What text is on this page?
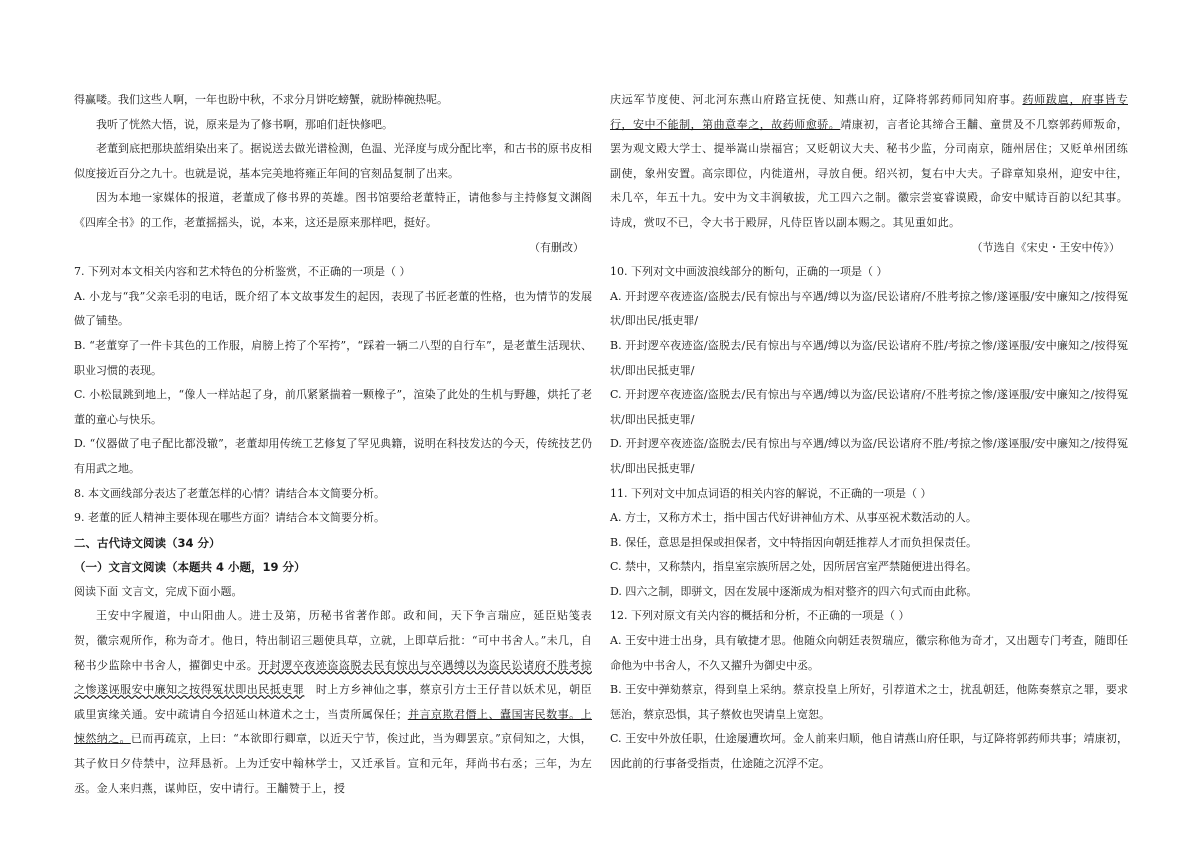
得赢喽。我们这些人啊，一年也盼中秋，不求分月饼吃螃蟹，就盼棒碗热呢。

我听了恍然大悟，说，原来是为了修书啊，那咱们赶快修吧。

老董到底把那块蓝绢染出来了。据说送去做光谱检测，色温、光泽度与成分配比率，和古书的原书皮相似度接近百分之九十。也就是说，基本完美地将雍正年间的官刻品复制了出来。

因为本地一家媒体的报道，老董成了修书界的英雄。图书馆要给老董特正，请他参与主持修复文渊阁《四库全书》的工作，老董摇摇头，说，本来，这还是原来那样吧，挺好。

（有删改）

7. 下列对本文相关内容和艺术特色的分析鉴赏，不正确的一项是（ ）

A. 小龙与“我”父亲毛羽的电话，既介绍了本文故事发生的起因，表现了书匠老董的性格，也为情节的发展做了铺垫。

B. “老董穿了一件卡其色的工作服，肩膀上挎了个军挎”，“踩着一辆二八型的自行车”，是老董生活现状、职业习惯的表现。

C. 小松鼠跳到地上，“像人一样站起了身，前爪紧紧揣着一颗橡子”，渲染了此处的生机与野趣，烘托了老董的童心与快乐。

D. “仪器做了电子配比都没辙”，老董却用传统工艺修复了罕见典籍，说明在科技发达的今天，传统技艺仍有用武之地。

8. 本文画线部分表达了老董怎样的心情？请结合本文简要分析。

9. 老董的匠人精神主要体现在哪些方面？请结合本文简要分析。

二、古代诗文阅读（34 分）

（一）文言文阅读（本题共 4 小题，19 分）

阅读下面 文言文，完成下面小题。

王安中字履道，中山阳曲人。进士及第，历秘书省著作郎。政和间，天下争言瑞应，延臣贴笺表贺，徽宗观所作，称为奇才。他日，特出制诏三题使具草，立就，上即草后批：“可中书舍人。”未几，自秘书少监除中书舍人，擢御史中丞。开封逻卒夜迹盗盗脱去民有惊出与卒遇缚以为盗民讼诸府不胜考掠之惨遂诬服安中廉知之按得冤状即出民抵吏罪　 时上方乡神仙之事，蔡京引方士王仔昔以妖术见，朝臣戚里寅缘关通。安中疏请自今招延山林道术之士，当责所属保任；并言京欺君僭上、蠹国害民数事。上悚然纳之。已而再疏京，上曰：“本欲即行卿章，以近天宁节，俟过此，当为卿罢京。”京伺知之，大惧，其子攸日夕侍禁中，泣拜恳祈。上为迁安中翰林学士，又迁承旨。宣和元年，拜尚书右丞；三年，为左丞。金人来归燕，谋帅臣，安中请行。王黼赞于上，授

庆远军节度使、河北河东燕山府路宣抚使、知燕山府，辽降将郭药师同知府事。药师跋扈，府事皆专行，安中不能制，第曲意奉之，故药师愈骄。靖康初，言者论其缔合王黼、童贯及不几察郭药师叛命，罢为观文殿大学士、提举嵩山崇福宫；又贬朝议大夫、秘书少监，分司南京，随州居住；又贬单州团练副使，象州安置。高宗即位，内徙道州，寻放自便。绍兴初，复右中大夫。子辟章知泉州，迎安中往，未几卒，年五十九。安中为文丰润敏拔，尤工四六之制。徽宗尝宴睿谟殿，命安中赋诗百韵以纪其事。诗成，赏叹不已，令大书于殿屏，凡侍臣皆以副本赐之。其见重如此。

（节选自《宋史・王安中传》）

10. 下列对文中画波浪线部分的断句，正确的一项是（ ）

A. 开封逻卒夜迹盗/盗脱去/民有惊出与卒遇/缚以为盗/民讼诸府/不胜考掠之惨/遂诬服/安中廉知之/按得冤状/即出民/抵吏罪/

B. 开封逻卒夜迹盗/盗脱去/民有惊出与卒遇/缚以为盗/民讼诸府不胜/考掠之惨/遂诬服/安中廉知之/按得冤状/即出民抵吏罪/

C. 开封逻卒夜迹盗/盗脱去/民有惊出与卒遇/缚以为盗/民讼诸府/不胜考掠之惨/遂诬服/安中廉知之/按得冤状/即出民抵吏罪/

D. 开封逻卒夜迹盗/盗脱去/民有惊出与卒遇/缚以为盗/民讼诸府不胜/考掠之惨/遂诬服/安中廉知之/按得冤状/即出民抵吏罪/

11. 下列对文中加点词语的相关内容的解说，不正确的一项是（ ）

A. 方士，又称方术士，指中国古代好讲神仙方术、从事巫祝术数活动的人。

B. 保任，意思是担保或担保者，文中特指因向朝廷推荐人才而负担保责任。

C. 禁中，又称禁内，指皇室宗族所居之处，因所居宫室严禁随便进出得名。

D. 四六之制，即骈文，因在发展中逐渐成为相对整齐的四六句式而由此称。

12. 下列对原文有关内容的概括和分析，不正确的一项是（ ）

A. 王安中进士出身，具有敏捷才思。他随众向朝廷表贺瑞应，徽宗称他为奇才，又出题专门考查，随即任命他为中书舍人，不久又擢升为御史中丞。

B. 王安中弹劾蔡京，得到皇上采纳。蔡京投皇上所好，引荐道术之士，扰乱朝廷，他陈奏蔡京之罪，要求惩治，蔡京恐惧，其子蔡攸也哭请皇上宽恕。

C. 王安中外放任职，仕途屡遭坎坷。金人前来归顺，他自请燕山府任职，与辽降将郭药师共事；靖康初，因此前的行事备受指责，仕途随之沉浮不定。
